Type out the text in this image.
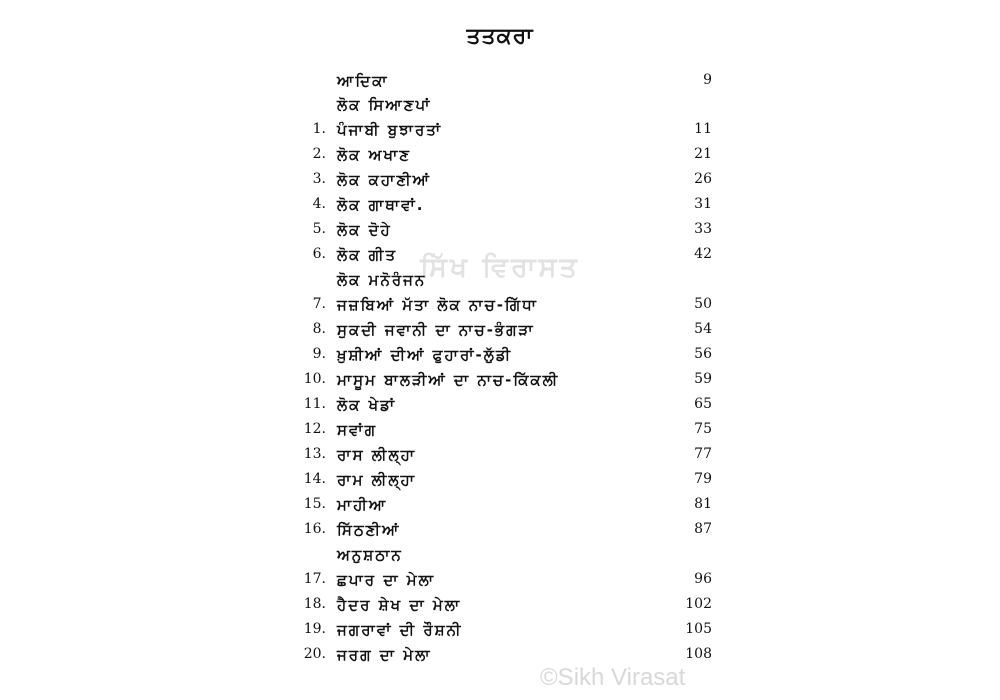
ਤਤਕਰਾ
ਸਿੱਖ ਵਿਰਾਸਤ
ਆਦਿਕਾ	9
ਲੋਕ ਸਿਆਣਪਾਂ
1. ਪੰਜਾਬੀ ਬੁਝਾਰਤਾਂ	11
2. ਲੋਕ ਅਖਾਣ	21
3. ਲੋਕ ਕਹਾਣੀਆਂ	26
4. ਲੋਕ ਗਾਥਾਵਾਂ.	31
5. ਲੋਕ ਦੋਹੇ	33
6. ਲੋਕ ਗੀਤ	42
ਲੋਕ ਮਨੋਰੰਜਨ
7. ਜਜ਼ਬਿਆਂ ਮੱਤਾ ਲੋਕ ਨਾਚ-ਗਿੱਧਾ	50
8. ਸੁਕਦੀ ਜਵਾਨੀ ਦਾ ਨਾਚ-ਭੰਗੜਾ	54
9. ਖ਼ੁਸ਼ੀਆਂ ਦੀਆਂ ਫੁਹਾਰਾਂ-ਲੁੱਡੀ	56
10. ਮਾਸੂਮ ਬਾਲੜੀਆਂ ਦਾ ਨਾਚ-ਕਿੱਕਲੀ	59
11. ਲੋਕ ਖੇਡਾਂ	65
12. ਸਵਾਂਗ	75
13. ਰਾਸ ਲੀਲ੍ਹਾ	77
14. ਰਾਮ ਲੀਲ੍ਹਾ	79
15. ਮਾਹੀਆ	81
16. ਸਿੱਠਣੀਆਂ	87
ਅਨੁਸ਼ਠਾਨ
17. ਛਪਾਰ ਦਾ ਮੇਲਾ	96
18. ਹੈਦਰ ਸ਼ੇਖ ਦਾ ਮੇਲਾ	102
19. ਜਗਰਾਵਾਂ ਦੀ ਰੌਸ਼ਨੀ	105
20. ਜਰਗ ਦਾ ਮੇਲਾ	108
©Sikh Virasat
